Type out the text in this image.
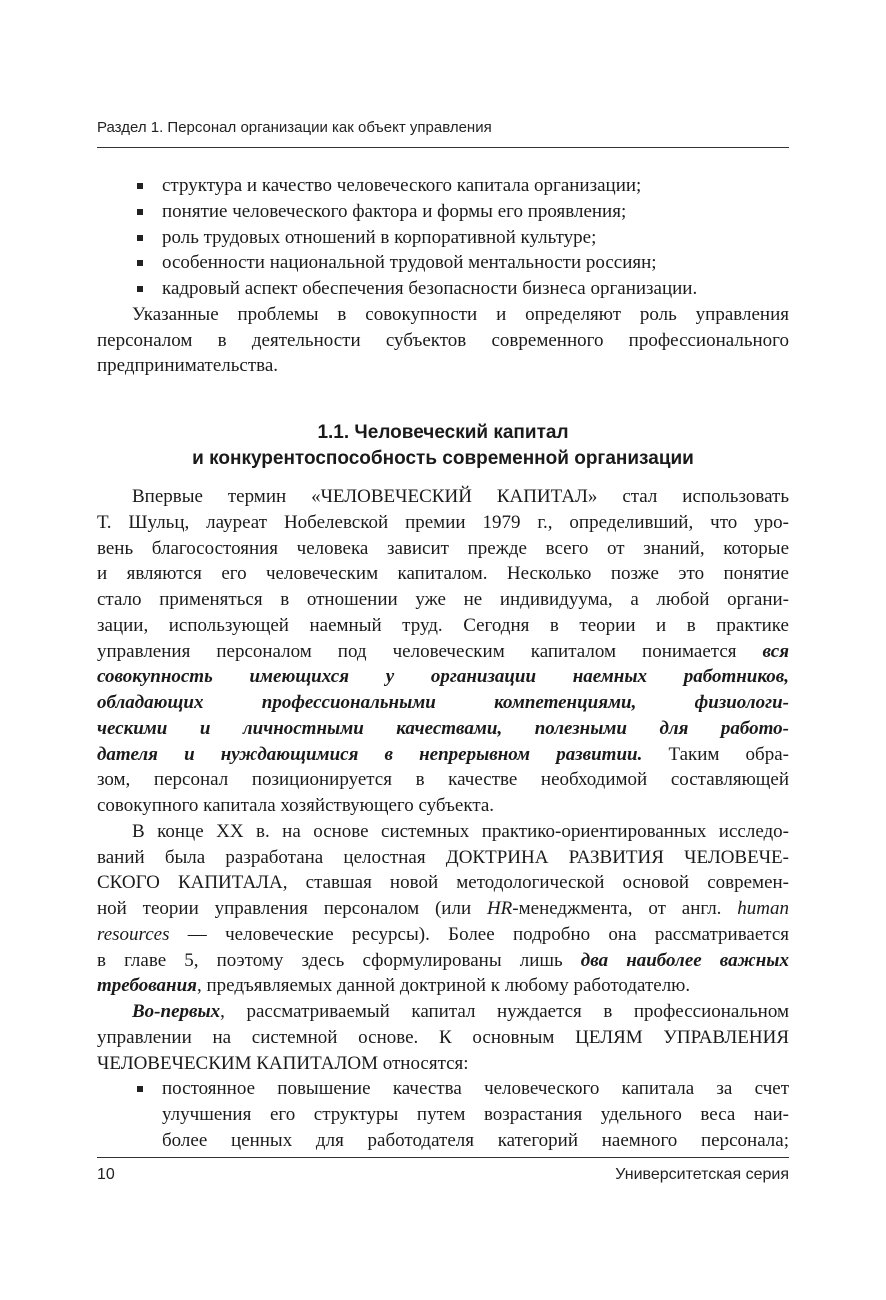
Раздел 1. Персонал организации как объект управления
структура и качество человеческого капитала организации;
понятие человеческого фактора и формы его проявления;
роль трудовых отношений в корпоративной культуре;
особенности национальной трудовой ментальности россиян;
кадровый аспект обеспечения безопасности бизнеса организации.
Указанные проблемы в совокупности и определяют роль управления
персоналом в деятельности субъектов современного профессионального
предпринимательства.
1.1. Человеческий капитал
и конкурентоспособность современной организации
Впервые термин «ЧЕЛОВЕЧЕСКИЙ КАПИТАЛ» стал использовать
Т. Шульц, лауреат Нобелевской премии 1979 г., определивший, что уро-
вень благосостояния человека зависит прежде всего от знаний, которые
и являются его человеческим капиталом. Несколько позже это понятие
стало применяться в отношении уже не индивидуума, а любой органи-
зации, использующей наемный труд. Сегодня в теории и в практике
управления персоналом под человеческим капиталом понимается вся
совокупность имеющихся у организации наемных работников,
обладающих профессиональными компетенциями, физиологи-
ческими и личностными качествами, полезными для работо-
дателя и нуждающимися в непрерывном развитии. Таким обра-
зом, персонал позиционируется в качестве необходимой составляющей
совокупного капитала хозяйствующего субъекта.
В конце XX в. на основе системных практико-ориентированных исследо-
ваний была разработана целостная ДОКТРИНА РАЗВИТИЯ ЧЕЛОВЕЧЕ-
СКОГО КАПИТАЛА, ставшая новой методологической основой современ-
ной теории управления персоналом (или HR-менеджмента, от англ. human
resources — человеческие ресурсы). Более подробно она рассматривается
в главе 5, поэтому здесь сформулированы лишь два наиболее важных
требования, предъявляемых данной доктриной к любому работодателю.
Во-первых, рассматриваемый капитал нуждается в профессиональном
управлении на системной основе. К основным ЦЕЛЯМ УПРАВЛЕНИЯ
ЧЕЛОВЕЧЕСКИМ КАПИТАЛОМ относятся:
постоянное повышение качества человеческого капитала за счет
улучшения его структуры путем возрастания удельного веса наи-
более ценных для работодателя категорий наемного персонала;
10	Университетская серия
